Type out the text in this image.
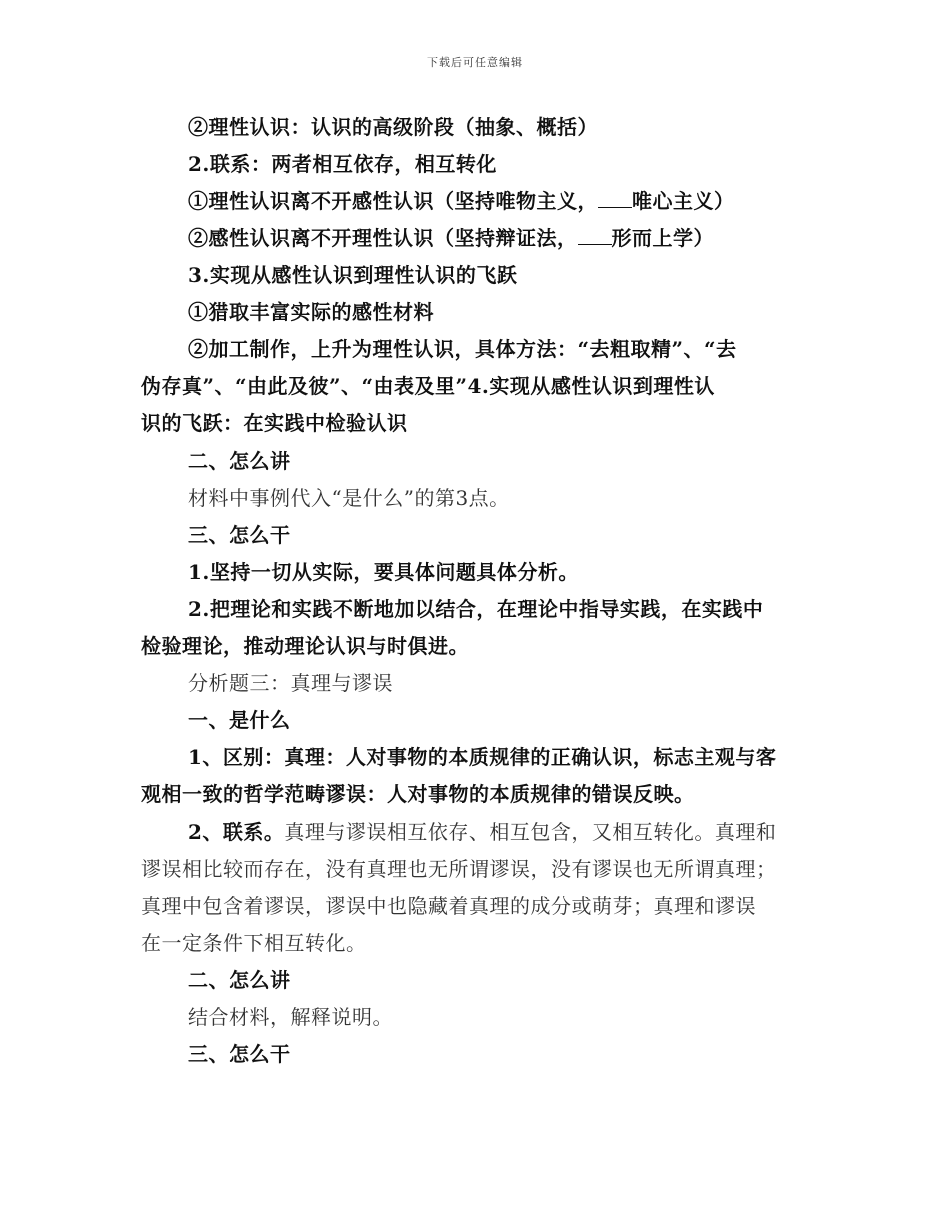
下载后可任意编辑
②理性认识：认识的高级阶段（抽象、概括）
2.联系：两者相互依存，相互转化
①理性认识离不开感性认识（坚持唯物主义， 唯心主义）
②感性认识离不开理性认识（坚持辩证法， 形而上学）
3.实现从感性认识到理性认识的飞跃
①猎取丰富实际的感性材料
②加工制作，上升为理性认识，具体方法：“去粗取精”、“去
伪存真”、“由此及彼”、“由表及里”4.实现从感性认识到理性认
识的飞跃：在实践中检验认识
二、怎么讲
材料中事例代入“是什么”的第3点。
三、怎么干
1.坚持一切从实际，要具体问题具体分析。
2.把理论和实践不断地加以结合，在理论中指导实践，在实践中
检验理论，推动理论认识与时俱进。
分析题三：真理与谬误
一、是什么
1、区别：真理：人对事物的本质规律的正确认识，标志主观与客
观相一致的哲学范畴谬误：人对事物的本质规律的错误反映。
2、联系。真理与谬误相互依存、相互包含，又相互转化。真理和
谬误相比较而存在，没有真理也无所谓谬误，没有谬误也无所谓真理；
真理中包含着谬误，谬误中也隐藏着真理的成分或萌芽；真理和谬误
在一定条件下相互转化。
二、怎么讲
结合材料，解释说明。
三、怎么干
